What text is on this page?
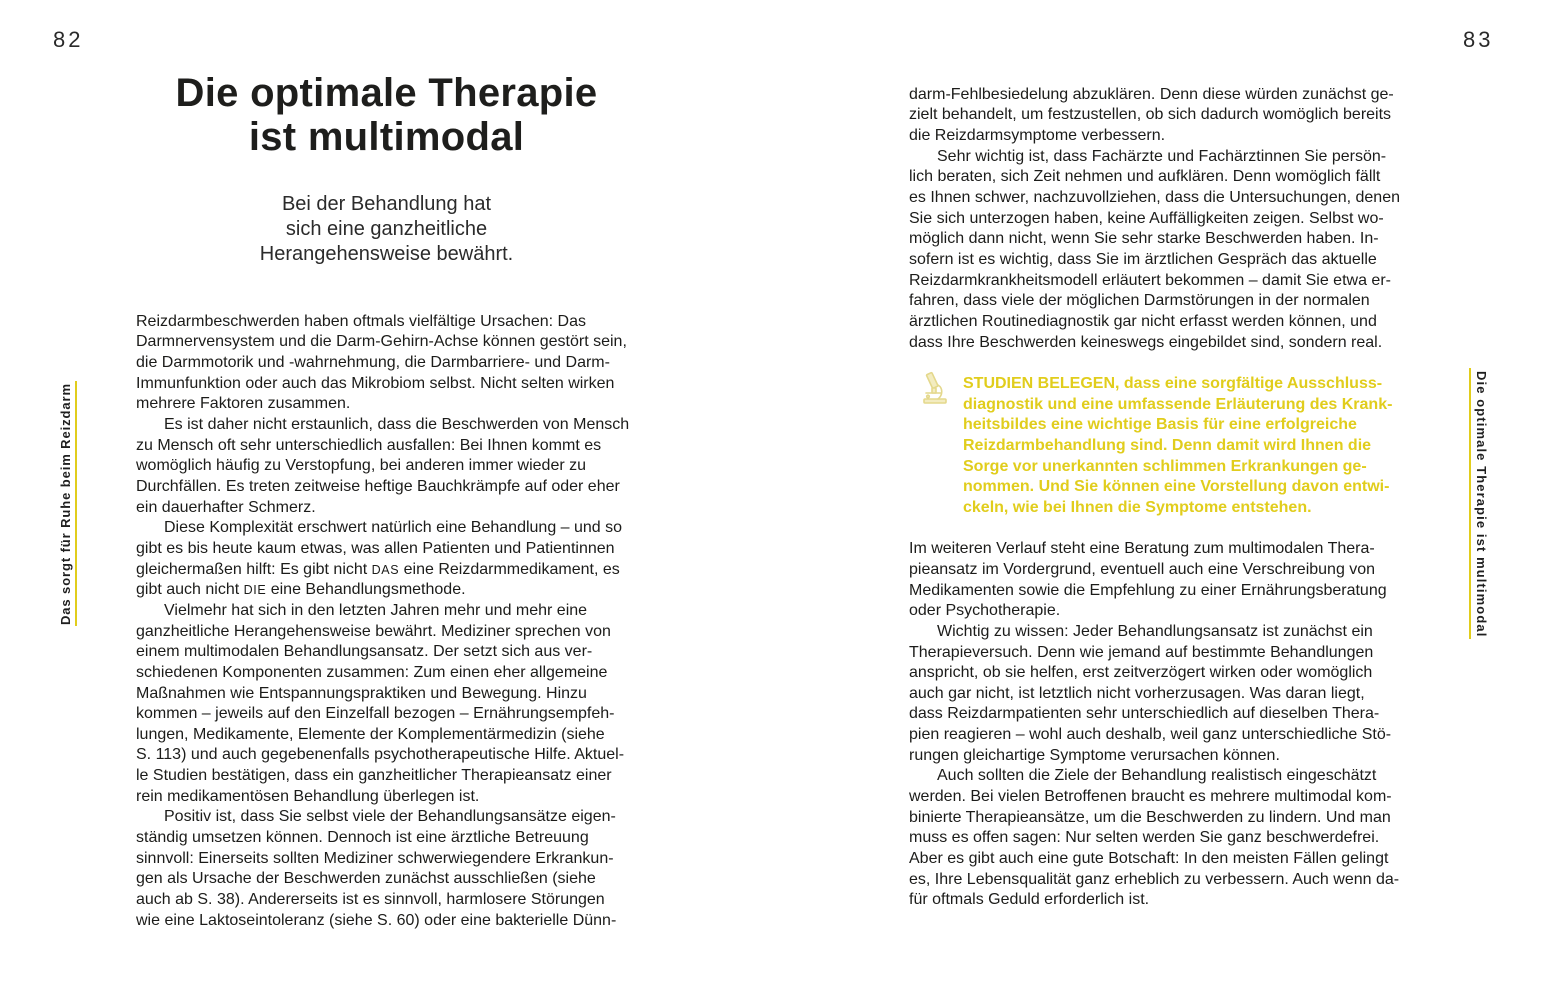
82
Das sorgt für Ruhe beim Reizdarm
Die optimale Therapie
ist multimodal
Bei der Behandlung hat
sich eine ganzheitliche
Herangehensweise bewährt.
Reizdarmbeschwerden haben oftmals vielfältige Ursachen: Das
Darmnervensystem und die Darm-Gehirn-Achse können gestört sein,
die Darmmotorik und -wahrnehmung, die Darmbarriere- und Darm-
Immunfunktion oder auch das Mikrobiom selbst. Nicht selten wirken
mehrere Faktoren zusammen.
Es ist daher nicht erstaunlich, dass die Beschwerden von Mensch
zu Mensch oft sehr unterschiedlich ausfallen: Bei Ihnen kommt es
womöglich häufig zu Verstopfung, bei anderen immer wieder zu
Durchfällen. Es treten zeitweise heftige Bauchkrämpfe auf oder eher
ein dauerhafter Schmerz.
Diese Komplexität erschwert natürlich eine Behandlung – und so
gibt es bis heute kaum etwas, was allen Patienten und Patientinnen
gleichermaßen hilft: Es gibt nicht DAS eine Reizdarmmedikament, es
gibt auch nicht DIE eine Behandlungsmethode.
Vielmehr hat sich in den letzten Jahren mehr und mehr eine
ganzheitliche Herangehensweise bewährt. Mediziner sprechen von
einem multimodalen Behandlungsansatz. Der setzt sich aus ver-
schiedenen Komponenten zusammen: Zum einen eher allgemeine
Maßnahmen wie Entspannungspraktiken und Bewegung. Hinzu
kommen – jeweils auf den Einzelfall bezogen – Ernährungsempfeh-
lungen, Medikamente, Elemente der Komplementärmedizin (siehe
S. 113) und auch gegebenenfalls psychotherapeutische Hilfe. Aktuel-
le Studien bestätigen, dass ein ganzheitlicher Therapieansatz einer
rein medikamentösen Behandlung überlegen ist.
Positiv ist, dass Sie selbst viele der Behandlungsansätze eigen-
ständig umsetzen können. Dennoch ist eine ärztliche Betreuung
sinnvoll: Einerseits sollten Mediziner schwerwiegendere Erkrankun-
gen als Ursache der Beschwerden zunächst ausschließen (siehe
auch ab S. 38). Andererseits ist es sinnvoll, harmlosere Störungen
wie eine Laktoseintoleranz (siehe S. 60) oder eine bakterielle Dünn-
83
darm-Fehlbesiedelung abzuklären. Denn diese würden zunächst ge-
zielt behandelt, um festzustellen, ob sich dadurch womöglich bereits
die Reizdarmsymptome verbessern.
Sehr wichtig ist, dass Fachärzte und Fachärztinnen Sie persön-
lich beraten, sich Zeit nehmen und aufklären. Denn womöglich fällt
es Ihnen schwer, nachzuvollziehen, dass die Untersuchungen, denen
Sie sich unterzogen haben, keine Auffälligkeiten zeigen. Selbst wo-
möglich dann nicht, wenn Sie sehr starke Beschwerden haben. In-
sofern ist es wichtig, dass Sie im ärztlichen Gespräch das aktuelle
Reizdarmkrankheitsmodell erläutert bekommen – damit Sie etwa er-
fahren, dass viele der möglichen Darmstörungen in der normalen
ärztlichen Routinediagnostik gar nicht erfasst werden können, und
dass Ihre Beschwerden keineswegs eingebildet sind, sondern real.
STUDIEN BELEGEN, dass eine sorgfältige Ausschluss-
diagnostik und eine umfassende Erläuterung des Krank-
heitsbildes eine wichtige Basis für eine erfolgreiche
Reizdarmbehandlung sind. Denn damit wird Ihnen die
Sorge vor unerkannten schlimmen Erkrankungen ge-
nommen. Und Sie können eine Vorstellung davon entwi-
ckeln, wie bei Ihnen die Symptome entstehen.
Im weiteren Verlauf steht eine Beratung zum multimodalen Thera-
pieansatz im Vordergrund, eventuell auch eine Verschreibung von
Medikamenten sowie die Empfehlung zu einer Ernährungsberatung
oder Psychotherapie.
Wichtig zu wissen: Jeder Behandlungsansatz ist zunächst ein
Therapieversuch. Denn wie jemand auf bestimmte Behandlungen
anspricht, ob sie helfen, erst zeitverzögert wirken oder womöglich
auch gar nicht, ist letztlich nicht vorherzusagen. Was daran liegt,
dass Reizdarmpatienten sehr unterschiedlich auf dieselben Thera-
pien reagieren – wohl auch deshalb, weil ganz unterschiedliche Stö-
rungen gleichartige Symptome verursachen können.
Auch sollten die Ziele der Behandlung realistisch eingeschätzt
werden. Bei vielen Betroffenen braucht es mehrere multimodal kom-
binierte Therapieansätze, um die Beschwerden zu lindern. Und man
muss es offen sagen: Nur selten werden Sie ganz beschwerdefrei.
Aber es gibt auch eine gute Botschaft: In den meisten Fällen gelingt
es, Ihre Lebensqualität ganz erheblich zu verbessern. Auch wenn da-
für oftmals Geduld erforderlich ist.
Die optimale Therapie ist multimodal
